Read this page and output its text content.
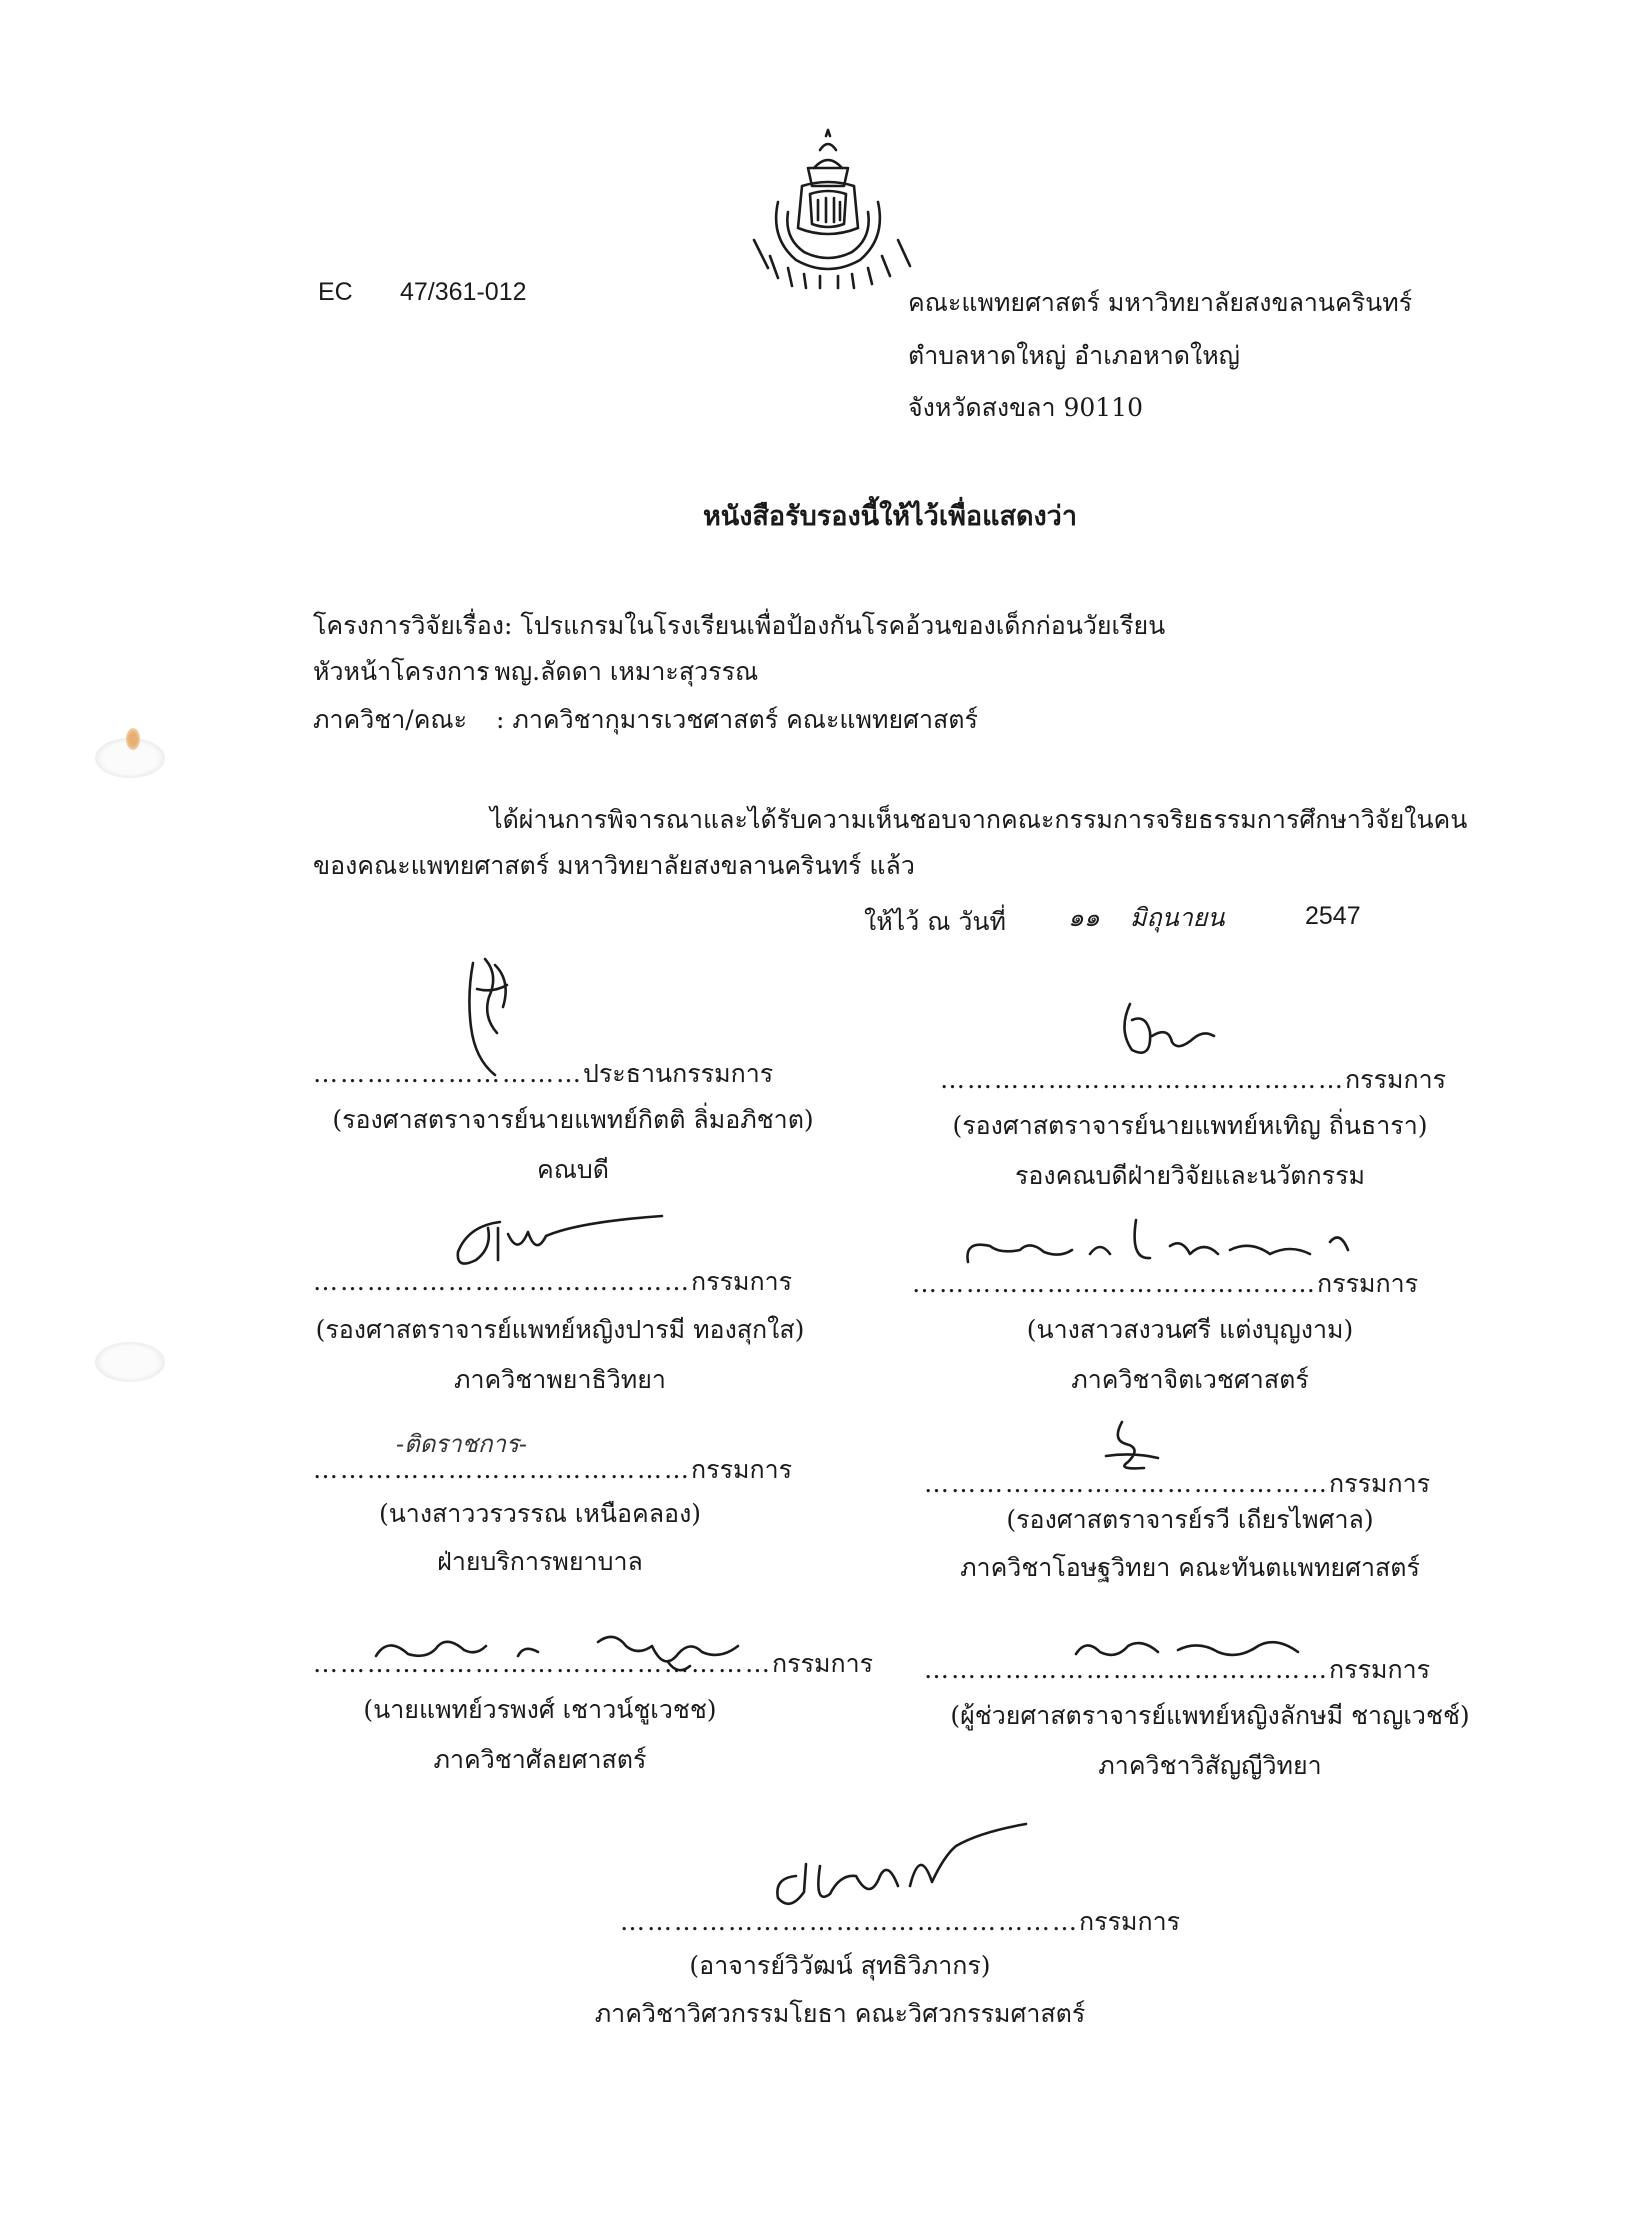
EC 47/361-012	คณะแพทยศาสตร์ มหาวิทยาลัยสงขลานครินทร์
ตำบลหาดใหญ่ อำเภอหาดใหญ่
จังหวัดสงขลา 90110
หนังสือรับรองนี้ให้ไว้เพื่อแสดงว่า
โครงการวิจัยเรื่อง : โปรแกรมในโรงเรียนเพื่อป้องกันโรคอ้วนของเด็กก่อนวัยเรียน
หัวหน้าโครงการ
: พญ.ลัดดา เหมาะสุวรรณ
ภาควิชา/คณะ : ภาควิชากุมารเวชศาสตร์ คณะแพทยศาสตร์
ได้ผ่านการพิจารณาและได้รับความเห็นชอบจากคณะกรรมการจริยธรรมการศึกษาวิจัยในคน
ของคณะแพทยศาสตร์ มหาวิทยาลัยสงขลานครินทร์ แล้ว
ให้ไว้ ณ วันที่ ๑๑ มิถุนายน	2547
…………………………ประธานกรรมการ
(รองศาสตราจารย์นายแพทย์กิตติ ลิ่มอภิชาต)
คณบดี
………………………………………กรรมการ
(รองศาสตราจารย์นายแพทย์หเทิญ ถิ่นธารา)
รองคณบดีฝ่ายวิจัยและนวัตกรรม
……………………………………กรรมการ
(รองศาสตราจารย์แพทย์หญิงปารมี ทองสุกใส)
ภาควิชาพยาธิวิทยา
………………………………………กรรมการ
(นางสาวสงวนศรี แต่งบุญงาม)
ภาควิชาจิตเวชศาสตร์
-ติดราชการ-
……………………………………กรรมการ
(นางสาววรวรรณ เหนือคลอง)
ฝ่ายบริการพยาบาล
………………………………………กรรมการ
(รองศาสตราจารย์รวี เถียรไพศาล)
ภาควิชาโอษฐวิทยา คณะทันตแพทยศาสตร์
……………………………………………กรรมการ
(นายแพทย์วรพงศ์ เชาวน์ชูเวชช)
ภาควิชาศัลยศาสตร์
………………………………………กรรมการ
(ผู้ช่วยศาสตราจารย์แพทย์หญิงลักษมี ชาญเวชช์)
ภาควิชาวิสัญญีวิทยา
……………………………………………กรรมการ
(อาจารย์วิวัฒน์ สุทธิวิภากร)
ภาควิชาวิศวกรรมโยธา คณะวิศวกรรมศาสตร์
